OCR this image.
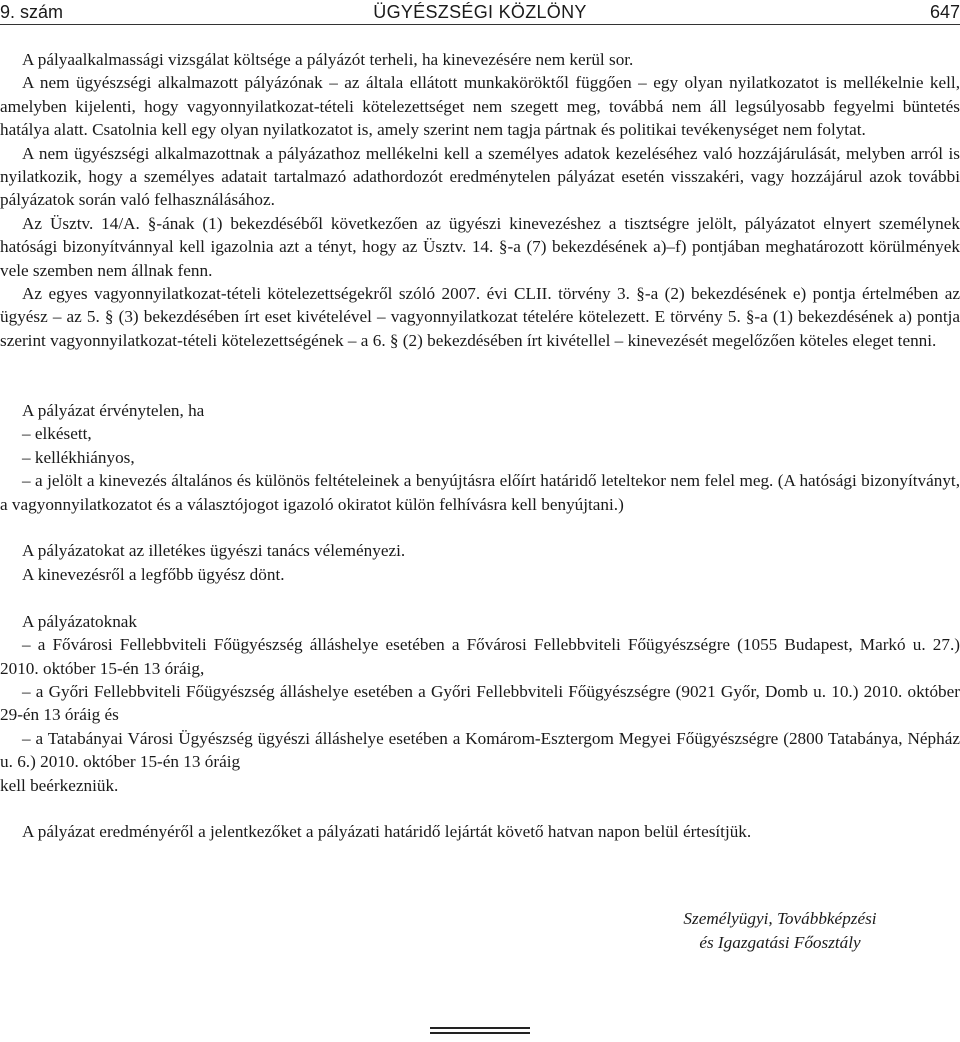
9. szám	ÜGYÉSZSÉGI KÖZLÖNY	647

A pályaalkalmassági vizsgálat költsége a pályázót terheli, ha kinevezésére nem kerül sor.

A nem ügyészségi alkalmazott pályázónak – az általa ellátott munkaköröktől függően – egy olyan nyilatkozatot is mellékelnie kell, amelyben kijelenti, hogy vagyonnyilatkozat-tételi kötelezettséget nem szegett meg, továbbá nem áll legsúlyosabb fegyelmi büntetés hatálya alatt. Csatolnia kell egy olyan nyilatkozatot is, amely szerint nem tagja pártnak és politikai tevékenységet nem folytat.

A nem ügyészségi alkalmazottnak a pályázathoz mellékelni kell a személyes adatok kezeléséhez való hozzájárulását, melyben arról is nyilatkozik, hogy a személyes adatait tartalmazó adathordozót eredménytelen pályázat esetén visszakéri, vagy hozzájárul azok további pályázatok során való felhasználásához.

Az Üsztv. 14/A. §-ának (1) bekezdéséből következően az ügyészi kinevezéshez a tisztségre jelölt, pályázatot elnyert személynek hatósági bizonyítvánnyal kell igazolnia azt a tényt, hogy az Üsztv. 14. §-a (7) bekezdésének a)–f) pontjában meghatározott körülmények vele szemben nem állnak fenn.

Az egyes vagyonnyilatkozat-tételi kötelezettségekről szóló 2007. évi CLII. törvény 3. §-a (2) bekezdésének e) pontja értelmében az ügyész – az 5. § (3) bekezdésében írt eset kivételével – vagyonnyilatkozat tételére kötelezett. E törvény 5. §-a (1) bekezdésének a) pontja szerint vagyonnyilatkozat-tételi kötelezettségének – a 6. § (2) bekezdésében írt kivétellel – kinevezését megelőzően köteles eleget tenni.

A pályázat érvénytelen, ha

– elkésett,

– kellékhiányos,

– a jelölt a kinevezés általános és különös feltételeinek a benyújtásra előírt határidő leteltekor nem felel meg. (A hatósági bizonyítványt, a vagyonnyilatkozatot és a választójogot igazoló okiratot külön felhívásra kell benyújtani.)

A pályázatokat az illetékes ügyészi tanács véleményezi.

A kinevezésről a legfőbb ügyész dönt.

A pályázatoknak

– a Fővárosi Fellebbviteli Főügyészség álláshelye esetében a Fővárosi Fellebbviteli Főügyészségre (1055 Budapest, Markó u. 27.) 2010. október 15-én 13 óráig,

– a Győri Fellebbviteli Főügyészség álláshelye esetében a Győri Fellebbviteli Főügyészségre (9021 Győr, Domb u. 10.) 2010. október 29-én 13 óráig és

– a Tatabányai Városi Ügyészség ügyészi álláshelye esetében a Komárom-Esztergom Megyei Főügyészségre (2800 Tatabánya, Népház u. 6.) 2010. október 15-én 13 óráig

kell beérkezniük.

A pályázat eredményéről a jelentkezőket a pályázati határidő lejártát követő hatvan napon belül értesítjük.

Személyügyi, Továbbképzési
és Igazgatási Főosztály
